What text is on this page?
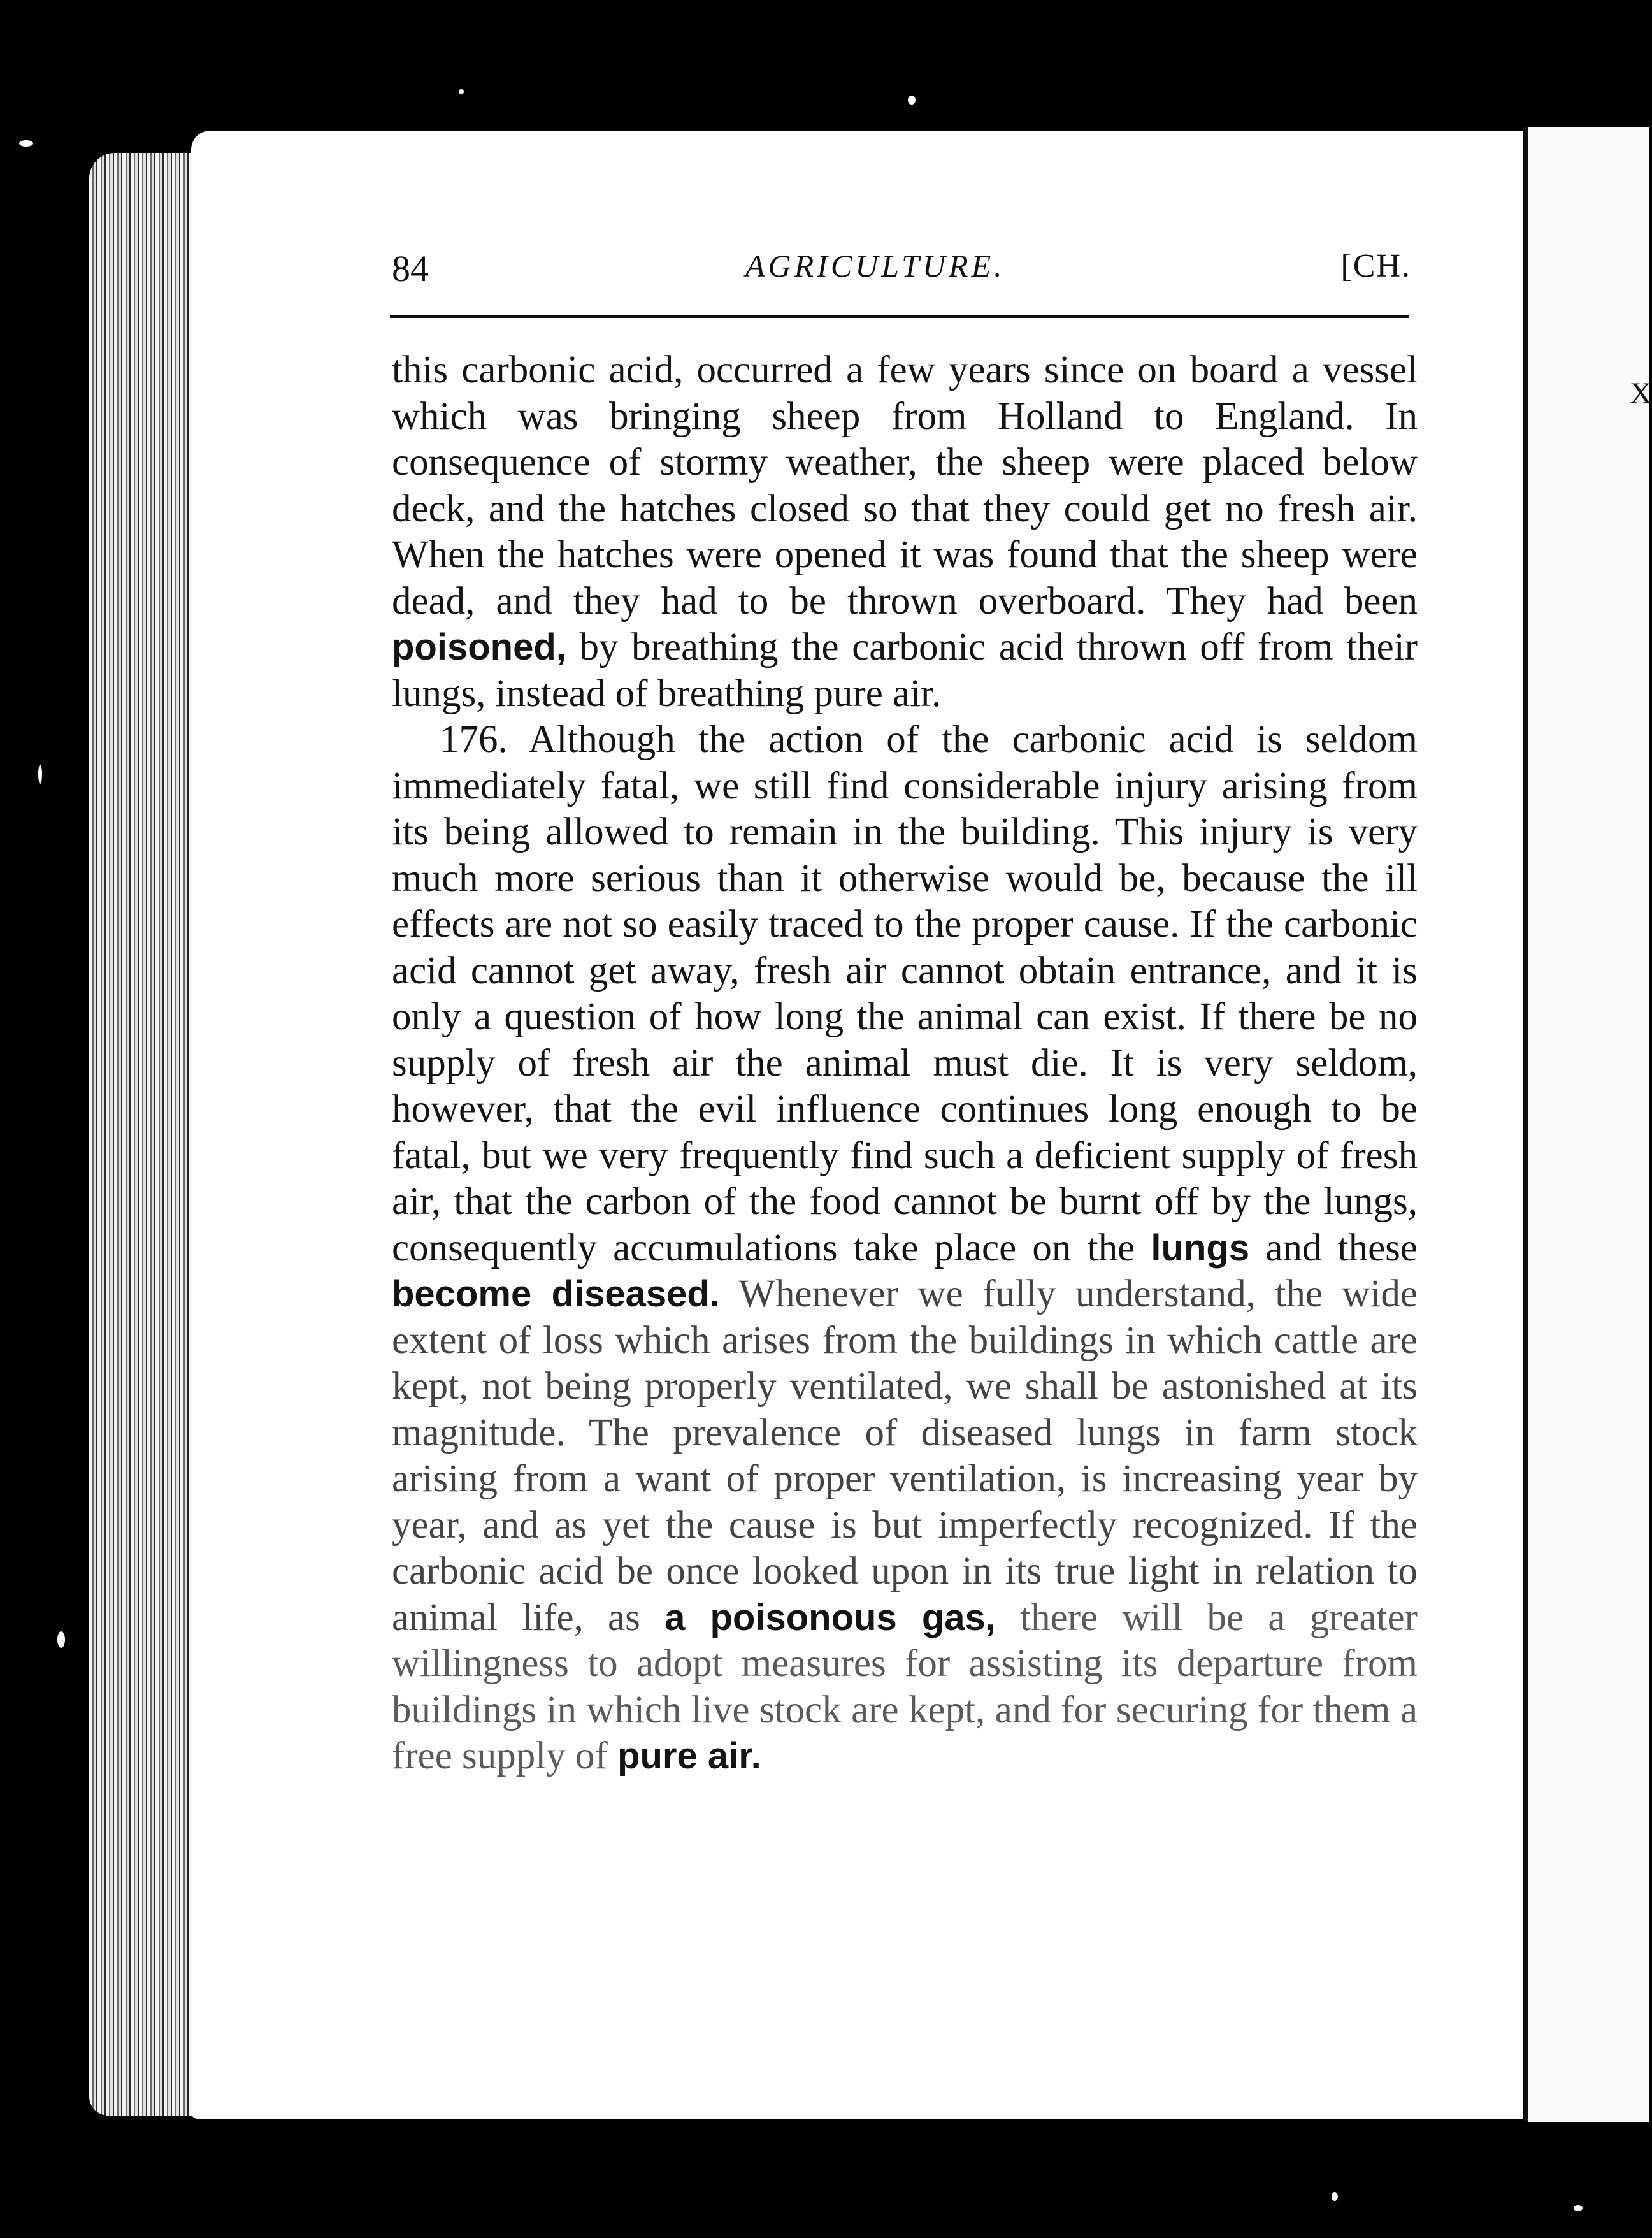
X
84	AGRICULTURE.	[CH.

this carbonic acid, occurred a few years since on board a vessel which was bringing sheep from Holland to England. In consequence of stormy weather, the sheep were placed below deck, and the hatches closed so that they could get no fresh air. When the hatches were opened it was found that the sheep were dead, and they had to be thrown overboard. They had been poisoned, by breathing the carbonic acid thrown off from their lungs, instead of breathing pure air.

176. Although the action of the carbonic acid is seldom immediately fatal, we still find considerable injury arising from its being allowed to remain in the building. This injury is very much more serious than it otherwise would be, because the ill effects are not so easily traced to the proper cause. If the carbonic acid cannot get away, fresh air cannot obtain entrance, and it is only a question of how long the animal can exist. If there be no supply of fresh air the animal must die. It is very seldom, however, that the evil influence continues long enough to be fatal, but we very frequently find such a deficient supply of fresh air, that the carbon of the food cannot be burnt off by the lungs, consequently accumulations take place on the lungs and these become diseased. Whenever we fully understand, the wide extent of loss which arises from the buildings in which cattle are kept, not being properly ventilated, we shall be astonished at its magnitude. The prevalence of diseased lungs in farm stock arising from a want of proper ventilation, is increasing year by year, and as yet the cause is but imperfectly recognized. If the carbonic acid be once looked upon in its true light in relation to animal life, as a poisonous gas, there will be a greater willingness to adopt measures for assisting its departure from buildings in which live stock are kept, and for securing for them a free supply of pure air.
